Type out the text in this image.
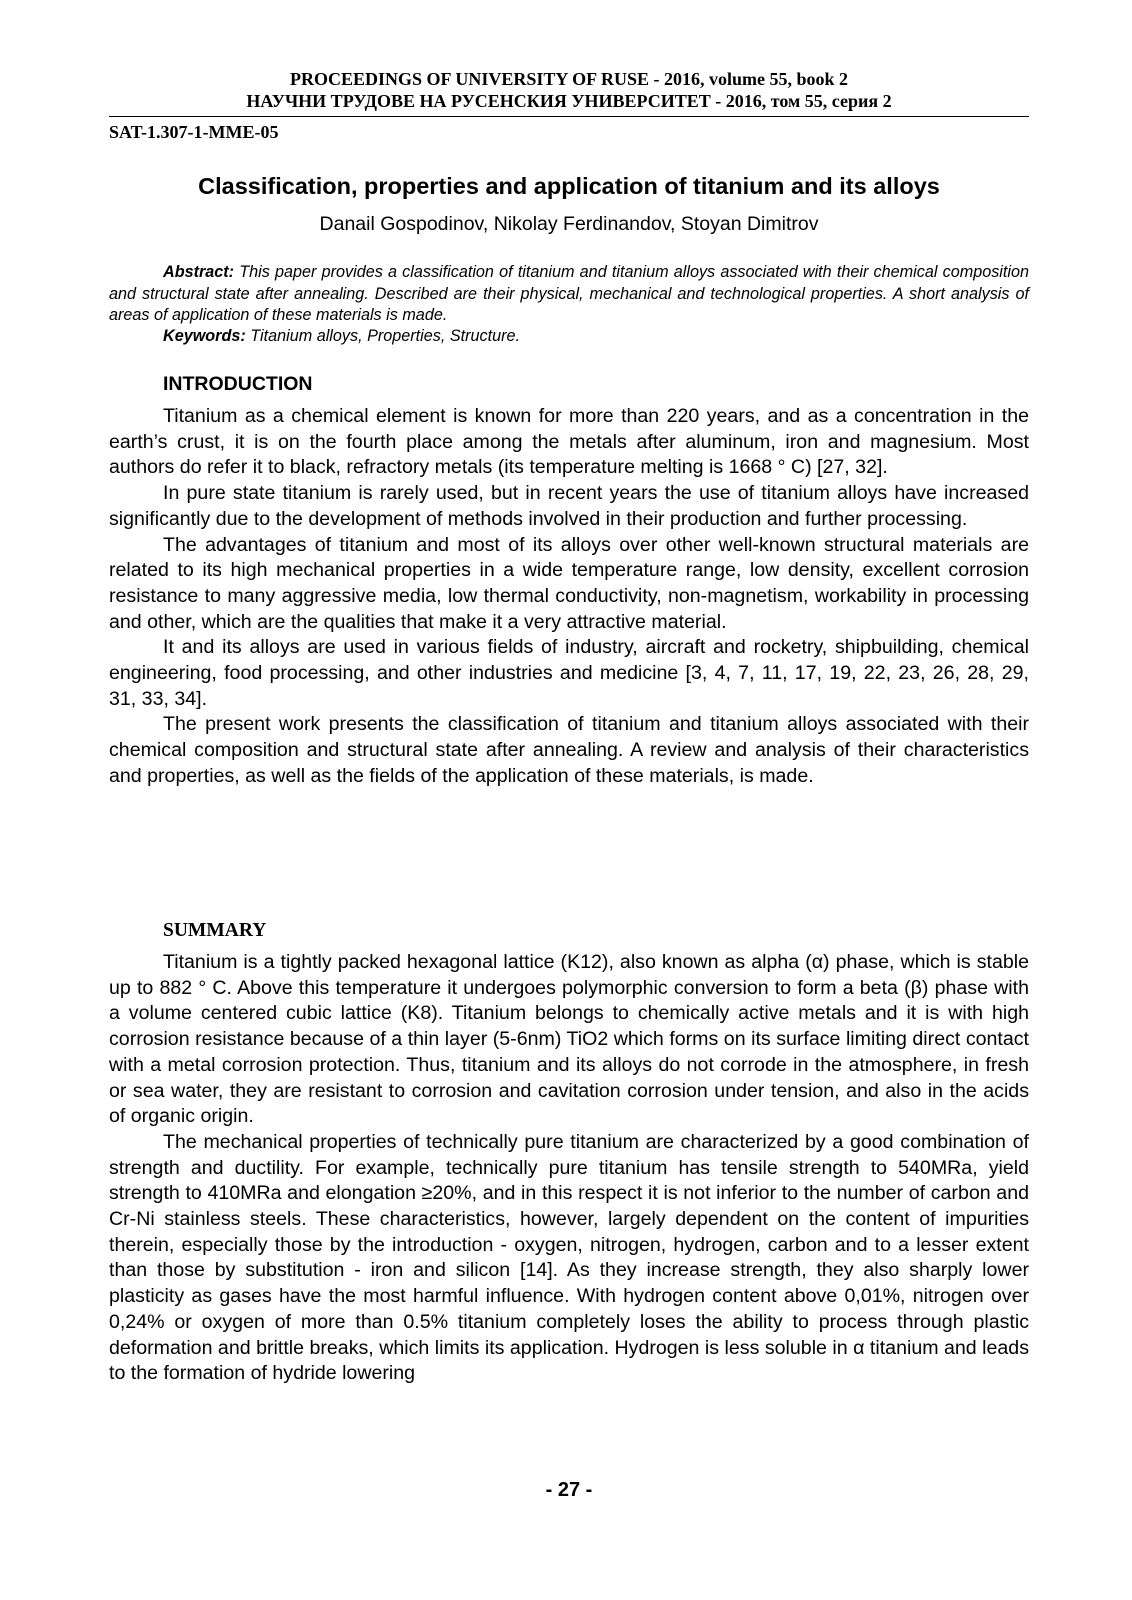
PROCEEDINGS OF UNIVERSITY OF RUSE - 2016, volume 55, book 2
НАУЧНИ ТРУДОВЕ НА РУСЕНСКИЯ УНИВЕРСИТЕТ - 2016, том 55, серия 2
SAT-1.307-1-MME-05
Classification, properties and application of titanium and its alloys
Danail Gospodinov, Nikolay Ferdinandov, Stoyan Dimitrov

Abstract: This paper provides a classification of titanium and titanium alloys associated with their chemical composition and structural state after annealing. Described are their physical, mechanical and technological properties. A short analysis of areas of application of these materials is made.

Keywords: Titanium alloys, Properties, Structure.

INTRODUCTION

Titanium as a chemical element is known for more than 220 years, and as a concentration in the earth’s crust, it is on the fourth place among the metals after aluminum, iron and magnesium. Most authors do refer it to black, refractory metals (its temperature melting is 1668 ° C) [27, 32].

In pure state titanium is rarely used, but in recent years the use of titanium alloys have increased significantly due to the development of methods involved in their production and further processing.

The advantages of titanium and most of its alloys over other well-known structural materials are related to its high mechanical properties in a wide temperature range, low density, excellent corrosion resistance to many aggressive media, low thermal conductivity, non-magnetism, workability in processing and other, which are the qualities that make it a very attractive material.

It and its alloys are used in various fields of industry, aircraft and rocketry, shipbuilding, chemical engineering, food processing, and other industries and medicine [3, 4, 7, 11, 17, 19, 22, 23, 26, 28, 29, 31, 33, 34].

The present work presents the classification of titanium and titanium alloys associated with their chemical composition and structural state after annealing. A review and analysis of their characteristics and properties, as well as the fields of the application of these materials, is made.

SUMMARY

Titanium is a tightly packed hexagonal lattice (K12), also known as alpha (α) phase, which is stable up to 882 ° C. Above this temperature it undergoes polymorphic conversion to form a beta (β) phase with a volume centered cubic lattice (K8). Titanium belongs to chemically active metals and it is with high corrosion resistance because of a thin layer (5-6nm) TiO2 which forms on its surface limiting direct contact with a metal corrosion protection. Thus, titanium and its alloys do not corrode in the atmosphere, in fresh or sea water, they are resistant to corrosion and cavitation corrosion under tension, and also in the acids of organic origin.

The mechanical properties of technically pure titanium are characterized by a good combination of strength and ductility. For example, technically pure titanium has tensile strength to 540MRa, yield strength to 410MRa and elongation ≥20%, and in this respect it is not inferior to the number of carbon and Cr-Ni stainless steels. These characteristics, however, largely dependent on the content of impurities therein, especially those by the introduction - oxygen, nitrogen, hydrogen, carbon and to a lesser extent than those by substitution - iron and silicon [14]. As they increase strength, they also sharply lower plasticity as gases have the most harmful influence. With hydrogen content above 0,01%, nitrogen over 0,24% or oxygen of more than 0.5% titanium completely loses the ability to process through plastic deformation and brittle breaks, which limits its application. Hydrogen is less soluble in α titanium and leads to the formation of hydride lowering

- 27 -
